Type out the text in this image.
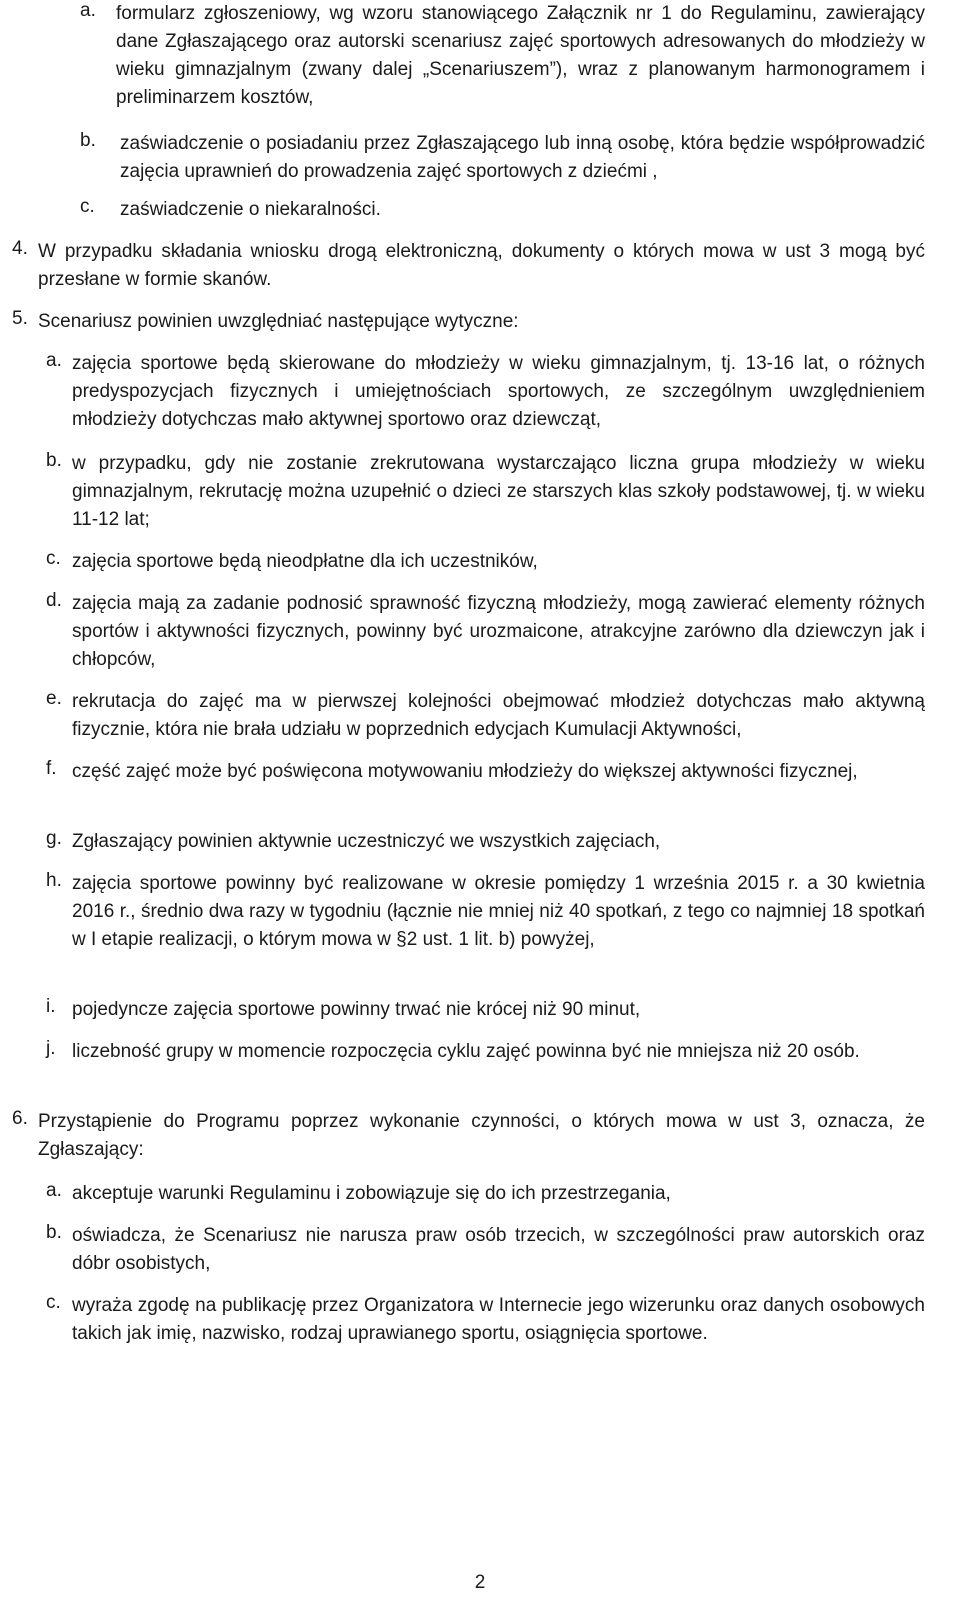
a. formularz zgłoszeniowy, wg wzoru stanowiącego Załącznik nr 1 do Regulaminu, zawierający dane Zgłaszającego oraz autorski scenariusz zajęć sportowych adresowanych do młodzieży w wieku gimnazjalnym (zwany dalej „Scenariuszem”), wraz z planowanym harmonogramem i preliminarzem kosztów,
b. zaświadczenie o posiadaniu przez Zgłaszającego lub inną osobę, która będzie współprowadzić zajęcia uprawnień do prowadzenia zajęć sportowych z dziećmi ,
c. zaświadczenie o niekaralności.
4. W przypadku składania wniosku drogą elektroniczną, dokumenty o których mowa w ust 3 mogą być przesłane w formie skanów.
5. Scenariusz powinien uwzględniać następujące wytyczne:
a. zajęcia sportowe będą skierowane do młodzieży w wieku gimnazjalnym, tj. 13-16 lat, o różnych predyspozycjach fizycznych i umiejętnościach sportowych, ze szczególnym uwzględnieniem młodzieży dotychczas mało aktywnej sportowo oraz dziewcząt,
b. w przypadku, gdy nie zostanie zrekrutowana wystarczająco liczna grupa młodzieży w wieku gimnazjalnym, rekrutację można uzupełnić o dzieci ze starszych klas szkoły podstawowej, tj. w wieku 11-12 lat;
c. zajęcia sportowe będą nieodpłatne dla ich uczestników,
d. zajęcia mają za zadanie podnosić sprawność fizyczną młodzieży, mogą zawierać elementy różnych sportów i aktywności fizycznych, powinny być urozmaicone, atrakcyjne zarówno dla dziewczyn jak i chłopców,
e. rekrutacja do zajęć ma w pierwszej kolejności obejmować młodzież dotychczas mało aktywną fizycznie, która nie brała udziału w poprzednich edycjach Kumulacji Aktywności,
f. część zajęć może być poświęcona motywowaniu młodzieży do większej aktywności fizycznej,
g. Zgłaszający powinien aktywnie uczestniczyć we wszystkich zajęciach,
h. zajęcia sportowe powinny być realizowane w okresie pomiędzy 1 września 2015 r. a 30 kwietnia 2016 r., średnio dwa razy w tygodniu (łącznie nie mniej niż 40 spotkań, z tego co najmniej 18 spotkań w I etapie realizacji, o którym mowa w §2 ust. 1 lit. b) powyżej,
i. pojedyncze zajęcia sportowe powinny trwać nie krócej niż 90 minut,
j. liczebność grupy w momencie rozpoczęcia cyklu zajęć powinna być nie mniejsza niż 20 osób.
6. Przystąpienie do Programu poprzez wykonanie czynności, o których mowa w ust 3, oznacza, że Zgłaszający:
a. akceptuje warunki Regulaminu i zobowiązuje się do ich przestrzegania,
b. oświadcza, że Scenariusz nie narusza praw osób trzecich, w szczególności praw autorskich oraz dóbr osobistych,
c. wyraża zgodę na publikację przez Organizatora w Internecie jego wizerunku oraz danych osobowych takich jak imię, nazwisko, rodzaj uprawianego sportu, osiągnięcia sportowe.
2
